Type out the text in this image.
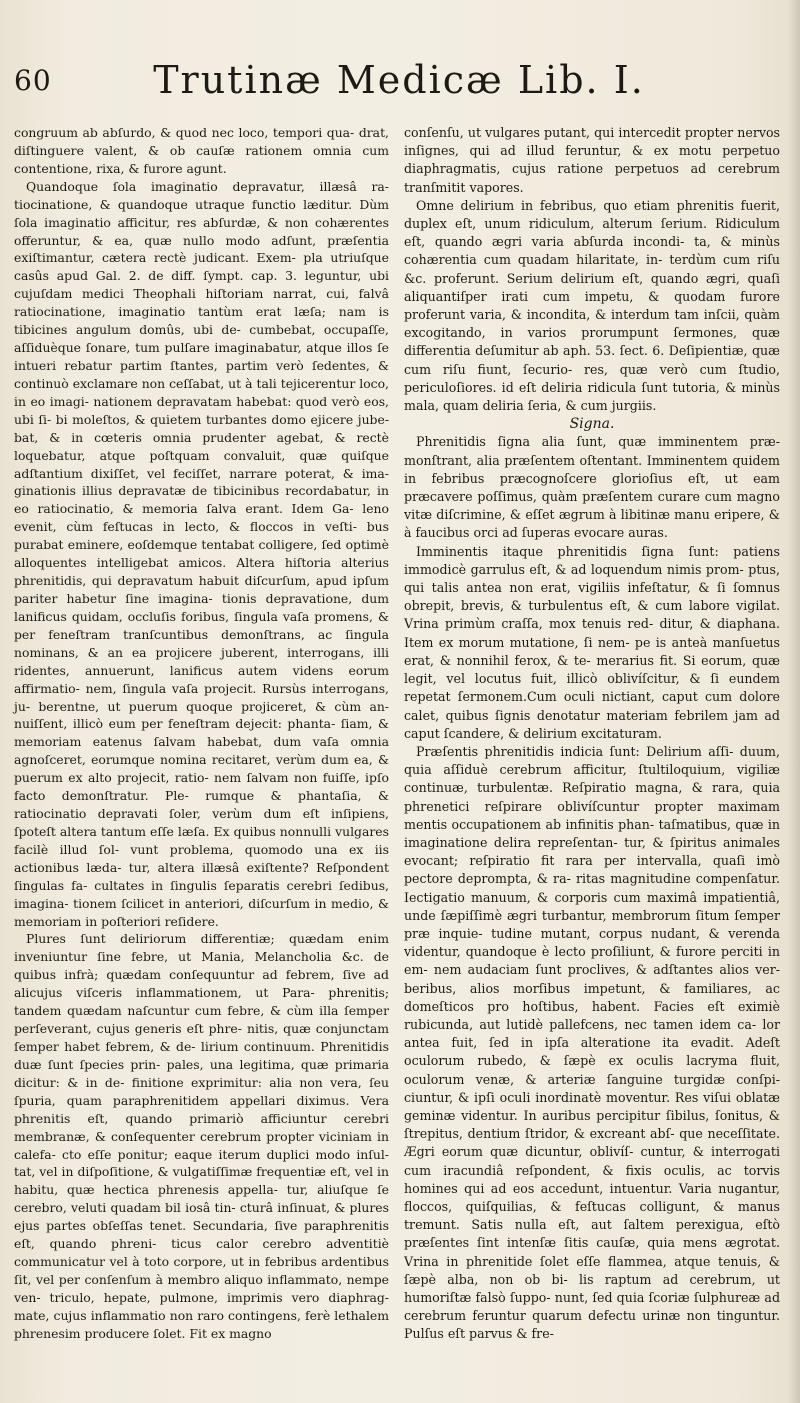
60	Trutinæ Medicæ Lib. I.

congruum ab abſurdo, & quod nec loco, tempori qua- drat, diſtinguere valent, & ob cauſæ rationem omnia cum contentione, rixa, & furore agunt.

Quandoque ſola imaginatio depravatur, illæsâ ra- tiocinatione, & quandoque utraque functio læditur. Dùm ſola imaginatio afficitur, res abſurdæ, & non cohærentes offeruntur, & ea, quæ nullo modo adſunt, præſentia exiſtimantur, cætera rectè judicant. Exem- pla utriuſque casûs apud Gal. 2. de diff. ſympt. cap. 3. leguntur, ubi cujuſdam medici Theophali hiſtoriam narrat, cui, falvâ ratiocinatione, imaginatio tantùm erat læſa; nam is tibicines angulum domûs, ubi de- cumbebat, occupaſſe, aſſiduèque ſonare, tum pulſare imaginabatur, atque illos ſe intueri rebatur partim ſtantes, partim verò ſedentes, & continuò exclamare non ceſſabat, ut à tali tejicerentur loco, in eo imagi- nationem depravatam habebat: quod verò eos, ubi ſi- bi moleſtos, & quietem turbantes domo ejicere jube- bat, & in cœteris omnia prudenter agebat, & rectè loquebatur, atque poſtquam convaluit, quæ quiſque adſtantium dixiſſet, vel feciſſet, narrare poterat, & ima- ginationis illius depravatæ de tibicinibus recordabatur, in eo ratiocinatio, & memoria ſalva erant. Idem Ga- leno evenit, cùm feſtucas in lecto, & floccos in veſti- bus purabat eminere, eoſdemque tentabat colligere, ſed optimè alloquentes intelligebat amicos. Altera hiſtoria alterius phrenitidis, qui depravatum habuit diſcurſum, apud ipſum pariter habetur ſine imagina- tionis depravatione, dum lanificus quidam, occluſis foribus, ſingula vaſa promens, & per feneſtram tranſcuntibus demonſtrans, ac ſingula nominans, & an ea projicere juberent, interrogans, illi ridentes, annuerunt, lanificus autem videns eorum affirmatio- nem, ſingula vaſa projecit. Rursùs interrogans, ju- berentne, ut puerum quoque projiceret, & cùm an- nuiſſent, illicò eum per feneſtram dejecit: phanta- ſiam, & memoriam eatenus ſalvam habebat, dum vaſa omnia agnoſceret, eorumque nomina recitaret, verùm dum ea, & puerum ex alto projecit, ratio- nem ſalvam non fuiſſe, ipſo facto demonſtratur. Ple- rumque & phantaſia, & ratiocinatio depravati ſoler, verùm dum eſt inſipiens, ſpoteſt altera tantum eſſe læſa. Ex quibus nonnulli vulgares facilè illud ſol- vunt problema, quomodo una ex iis actionibus læda- tur, altera illæsâ exiſtente? Reſpondent ſingulas fa- cultates in ſingulis ſeparatis cerebri ſedibus, imagina- tionem ſcilicet in anteriori, diſcurſum in medio, & memoriam in poſteriori reſidere.

Plures ſunt deliriorum differentiæ; quædam enim inveniuntur ſine febre, ut Mania, Melancholia &c. de quibus infrà; quædam conſequuntur ad febrem, ſive ad alicujus viſceris inflammationem, ut Para- phrenitis; tandem quædam naſcuntur cum febre, & cùm illa ſemper perſeverant, cujus generis eſt phre- nitis, quæ conjunctam ſemper habet febrem, & de- lirium continuum. Phrenitidis duæ ſunt ſpecies prin- pales, una legitima, quæ primaria dicitur: & in de- finitione exprimitur: alia non vera, ſeu ſpuria, quam paraphrenitidem appellari diximus. Vera phrenitis eſt, quando primariò afficiuntur cerebri membranæ, & conſequenter cerebrum propter viciniam in calefa- cto eſſe ponitur; eaque iterum duplici modo inſul- tat, vel in diſpoſitione, & vulgatiſſimæ frequentiæ eſt, vel in habitu, quæ hectica phrenesis appella- tur, aliuſque ſe cerebro, veluti quadam bil iosâ tin- cturâ inſinuat, & plures ejus partes obſeſſas tenet. Secundaria, ſive paraphrenitis eſt, quando phreni- ticus calor cerebro adventitiè communicatur vel à toto corpore, ut in febribus ardentibus ſit, vel per conſenſum à membro aliquo inflammato, nempe ven- triculo, hepate, pulmone, imprimis vero diaphrag- mate, cujus inflammatio non raro contingens, ferè lethalem phrenesim producere ſolet. Fit ex magno

conſenſu, ut vulgares putant, qui intercedit propter nervos inſignes, qui ad illud feruntur, & ex motu perpetuo diaphragmatis, cujus ratione perpetuos ad cerebrum tranſmitit vapores.

Omne delirium in febribus, quo etiam phrenitis fuerit, duplex eſt, unum ridiculum, alterum ſerium. Ridiculum eſt, quando ægri varia abſurda incondi- ta, & minùs cohærentia cum quadam hilaritate, in- terdùm cum riſu &c. proferunt. Serium delirium eſt, quando ægri, quaſi aliquantiſper irati cum impetu, & quodam furore proferunt varia, & incondita, & interdum tam inſcii, quàm excogitando, in varios prorumpunt ſermones, quæ differentia deſumitur ab aph. 53. ſect. 6. Deſipientiæ, quæ cum riſu fiunt, ſecurio- res, quæ verò cum ſtudio, periculoſiores. id eſt deliria ridicula ſunt tutoria, & minùs mala, quam deliria ſeria, & cum jurgiis.

Signa.

Phrenitidis ſigna alia ſunt, quæ imminentem præ- monſtrant, alia præſentem oſtentant. Imminentem quidem in febribus præcognoſcere glorioſius eſt, ut eam præcavere poſſimus, quàm præſentem curare cum magno vitæ diſcrimine, & eſſet ægrum à libitinæ manu eripere, & à faucibus orci ad ſuperas evocare auras.

Imminentis itaque phrenitidis ſigna ſunt: patiens immodicè garrulus eſt, & ad loquendum nimis prom- ptus, qui talis antea non erat, vigiliis infeſtatur, & ſi ſomnus obrepit, brevis, & turbulentus eſt, & cum labore vigilat. Vrina primùm craſſa, mox tenuis red- ditur, & diaphana. Item ex morum mutatione, ſi nem- pe is anteà manſuetus erat, & nonnihil ferox, & te- merarius fit. Si eorum, quæ legit, vel locutus fuit, illicò oblivíſcitur, & ſi eundem repetat ſermonem.Cum oculi nictiant, caput cum dolore calet, quibus ſignis denotatur materiam febrilem jam ad caput ſcandere, & delirium excitaturam.

Præſentis phrenitidis indicia ſunt: Delirium aſſi- duum, quia aſſiduè cerebrum afficitur, ſtultiloquium, vigiliæ continuæ, turbulentæ. Reſpiratio magna, & rara, quia phrenetici reſpirare oblivíſcuntur propter maximam mentis occupationem ab infinitis phan- taſmatibus, quæ in imaginatione delira repreſentan- tur, & ſpiritus animales evocant; reſpiratio fit rara per intervalla, quaſi imò pectore deprompta, & ra- ritas magnitudine compenſatur. Iectigatio manuum, & corporis cum maximâ impatientiâ, unde ſæpiſſimè ægri turbantur, membrorum ſitum ſemper præ inquie- tudine mutant, corpus nudant, & verenda videntur, quandoque è lecto proſiliunt, & furore perciti in em- nem audaciam ſunt proclives, & adſtantes alios ver- beribus, alios morſibus impetunt, & familiares, ac domeſticos pro hoſtibus, habent. Facies eſt eximiè rubicunda, aut lutidè pallefcens, nec tamen idem ca- lor antea fuit, ſed in ipſa alteratione ita evadit. Adeſt oculorum rubedo, & ſæpè ex oculis lacryma fluit, oculorum venæ, & arteriæ ſanguine turgidæ conſpi- ciuntur, & ipſi oculi inordinatè moventur. Res viſui oblatæ geminæ videntur. In auribus percipitur ſibilus, ſonitus, & ſtrepitus, dentium ſtridor, & excreant abſ- que neceſſitate. Ægri eorum quæ dicuntur, oblivíſ- cuntur, & interrogati cum iracundiâ reſpondent, & fixis oculis, ac torvis homines qui ad eos accedunt, intuentur. Varia nugantur, floccos, quiſquilias, & feſtucas colligunt, & manus tremunt. Satis nulla eſt, aut ſaltem perexigua, eſtò præſentes ſint intenſæ ſitis cauſæ, quia mens ægrotat. Vrina in phrenitide ſolet eſſe flammea, atque tenuis, & ſæpè alba, non ob bi- lis raptum ad cerebrum, ut humoriſtæ falsò ſuppo- nunt, ſed quia ſcoriæ ſulphureæ ad cerebrum feruntur quarum defectu urinæ non tinguntur. Pulſus eſt parvus & fre-
